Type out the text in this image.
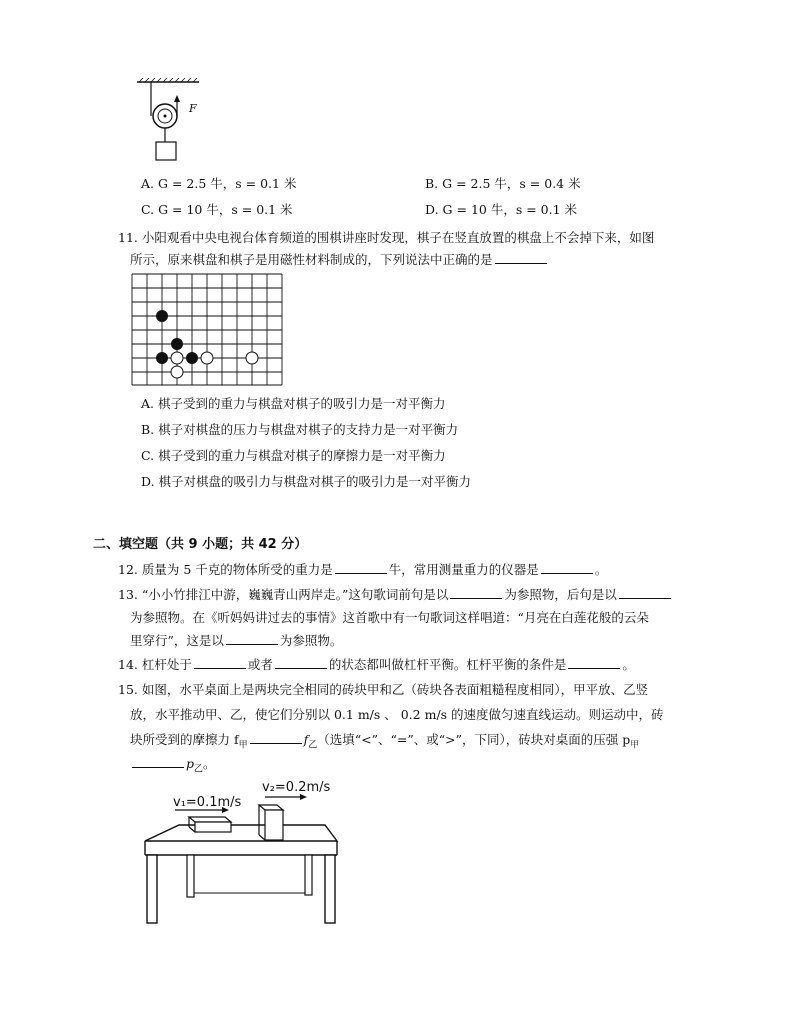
F
A. G = 2.5 牛，s = 0.1 米	B. G = 2.5 牛，s = 0.4 米
C. G = 10 牛，s = 0.1 米	D. G = 10 牛，s = 0.1 米
11. 小阳观看中央电视台体育频道的围棋讲座时发现，棋子在竖直放置的棋盘上不会掉下来，如图
所示，原来棋盘和棋子是用磁性材料制成的，下列说法中正确的是
A. 棋子受到的重力与棋盘对棋子的吸引力是一对平衡力
B. 棋子对棋盘的压力与棋盘对棋子的支持力是一对平衡力
C. 棋子受到的重力与棋盘对棋子的摩擦力是一对平衡力
D. 棋子对棋盘的吸引力与棋盘对棋子的吸引力是一对平衡力
二、填空题（共 9 小题；共 42 分）
12. 质量为 5 千克的物体所受的重力是	牛，常用测量重力的仪器是	。
13. “小小竹排江中游，巍巍青山两岸走。”这句歌词前句是以	为参照物，后句是以
为参照物。在《听妈妈讲过去的事情》这首歌中有一句歌词这样唱道：“月亮在白莲花般的云朵
里穿行”，这是以	为参照物。
14. 杠杆处于	或者	的状态都叫做杠杆平衡。杠杆平衡的条件是	。
15. 如图，水平桌面上是两块完全相同的砖块甲和乙（砖块各表面粗糙程度相同），甲平放、乙竖
放，水平推动甲、乙，使它们分别以 0.1 m/s 、 0.2 m/s 的速度做匀速直线运动。则运动中，砖
块所受到的摩擦力 $f_甲$	$f_乙$（选填“<”、“=”、或“>”，下同），砖块对桌面的压强 $p_甲$
$p_乙$。
v₁=0.1m/s
v₂=0.2m/s
